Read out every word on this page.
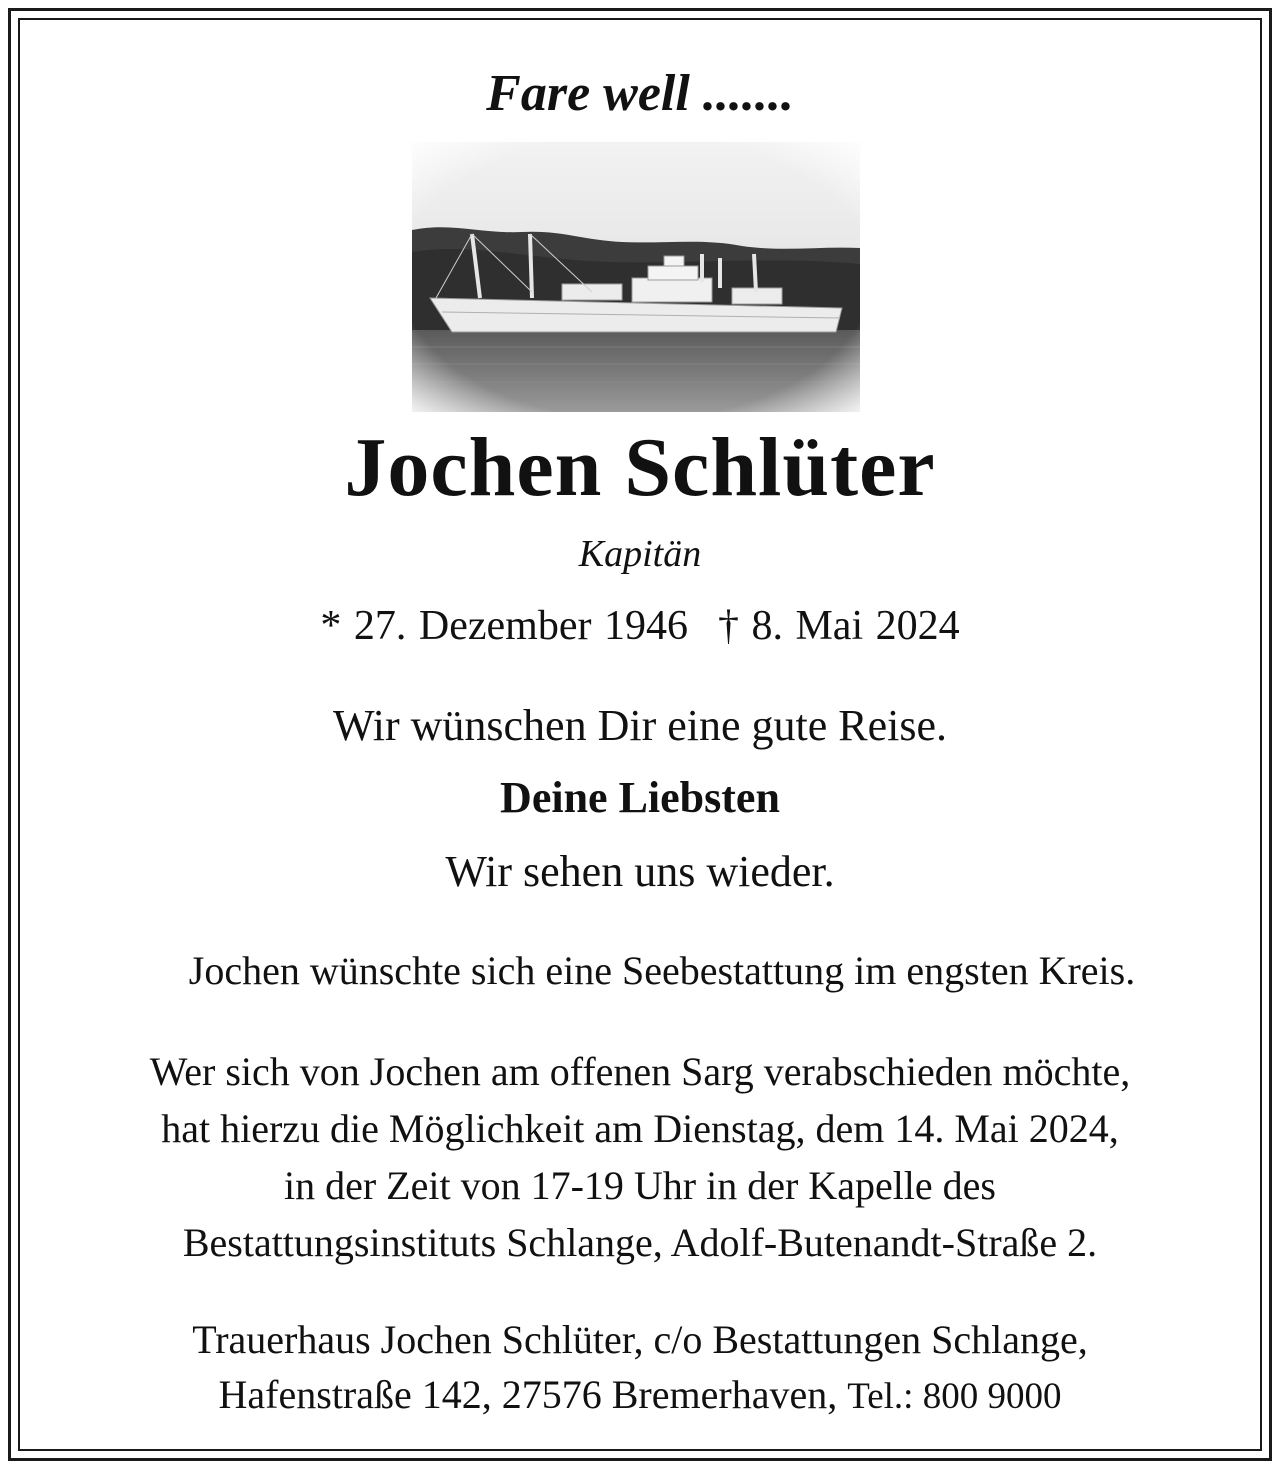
Fare well .......
Jochen Schlüter
Kapitän
* 27. Dezember 1946 † 8. Mai 2024
Wir wünschen Dir eine gute Reise.
Deine Liebsten
Wir sehen uns wieder.
Jochen wünschte sich eine Seebestattung im engsten Kreis.
Wer sich von Jochen am offenen Sarg verabschieden möchte,
hat hierzu die Möglichkeit am Dienstag, dem 14. Mai 2024,
in der Zeit von 17-19 Uhr in der Kapelle des
Bestattungsinstituts Schlange, Adolf-Butenandt-Straße 2.
Trauerhaus Jochen Schlüter, c/o Bestattungen Schlange,
Hafenstraße 142, 27576 Bremerhaven, Tel.: 800 9000
